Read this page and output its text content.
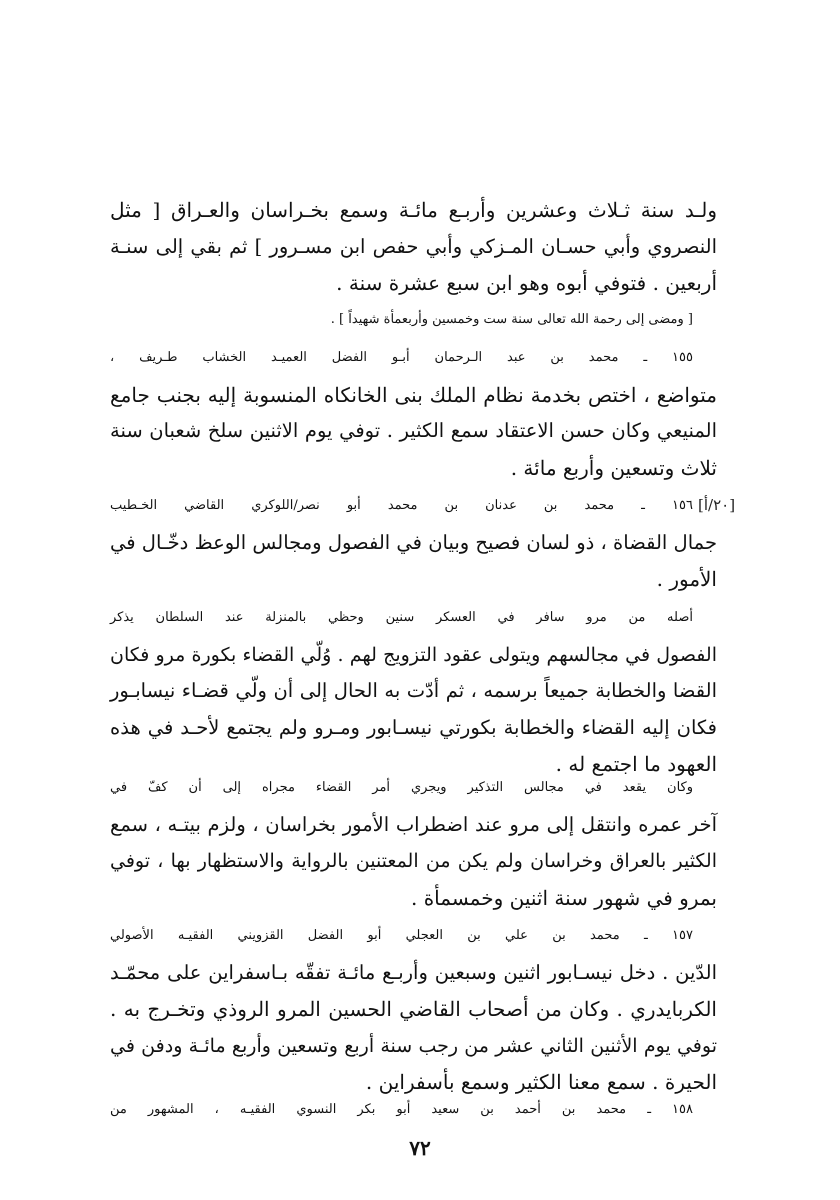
ولـد سنة ثـلاث وعشرين وأربـع مائـة وسمع بخـراسان والعـراق [ مثل
النصروي وأبي حسـان المـزكي وأبي حفص ابن مسـرور ] ثم بقي إلى سنـة
أربعين . فتوفي أبوه وهو ابن سبع عشرة سنة .
[ ومضى إلى رحمة الله تعالى سنة ست وخمسين وأربعمأة شهيداً ] .
١٥٥ ـ محمد بن عبد الـرحمان أبـو الفضل العميـد الخشاب طـريف ،
متواضع ، اختص بخدمة نظام الملك بنى الخانكاه المنسوبة إليه بجنب جامع
المنيعي وكان حسن الاعتقاد سمع الكثير . توفي يوم الاثنين سلخ شعبان سنة
ثلاث وتسعين وأربع مائة .
[٢٠/أ]
١٥٦ ـ محمد بن عدنان بن محمد أبو نصر/اللوكري القاضي الخـطيب
جمال القضاة ، ذو لسان فصيح وبيان في الفصول ومجالس الوعظ دخّـال في
الأمور .
أصله من مرو سافر في العسكر سنين وحظي بالمنزلة عند السلطان يذكر
الفصول في مجالسهم ويتولى عقود التزويج لهم . وُلّي القضاء بكورة مرو فكان
القضا والخطابة جميعاً برسمه ، ثم أدّت به الحال إلى أن ولّي قضـاء نيسابـور
فكان إليه القضاء والخطابة بكورتي نيسـابور ومـرو ولم يجتمع لأحـد في هذه
العهود ما اجتمع له .
وكان يقعد في مجالس التذكير ويجري أمر القضاء مجراه إلى أن كفّ في
آخر عمره وانتقل إلى مرو عند اضطراب الأمور بخراسان ، ولزم بيتـه ، سمع
الكثير بالعراق وخراسان ولم يكن من المعتنين بالرواية والاستظهار بها ، توفي
بمرو في شهور سنة اثنين وخمسمأة .
١٥٧ ـ محمد بن علي بن العجلي أبو الفضل القزويني الفقيـه الأصولي
الدّين . دخل نيسـابور اثنين وسبعين وأربـع مائـة تفقّه بـاسفراين على محمّـد
الكربايدري . وكان من أصحاب القاضي الحسين المرو الروذي وتخـرج به .
توفي يوم الأثنين الثاني عشر من رجب سنة أربع وتسعين وأربع مائـة ودفن في
الحيرة . سمع معنا الكثير وسمع بأسفراين .
١٥٨ ـ محمد بن أحمد بن سعيد أبو بكر النسوي الفقيـه ، المشهور من
٧٢
